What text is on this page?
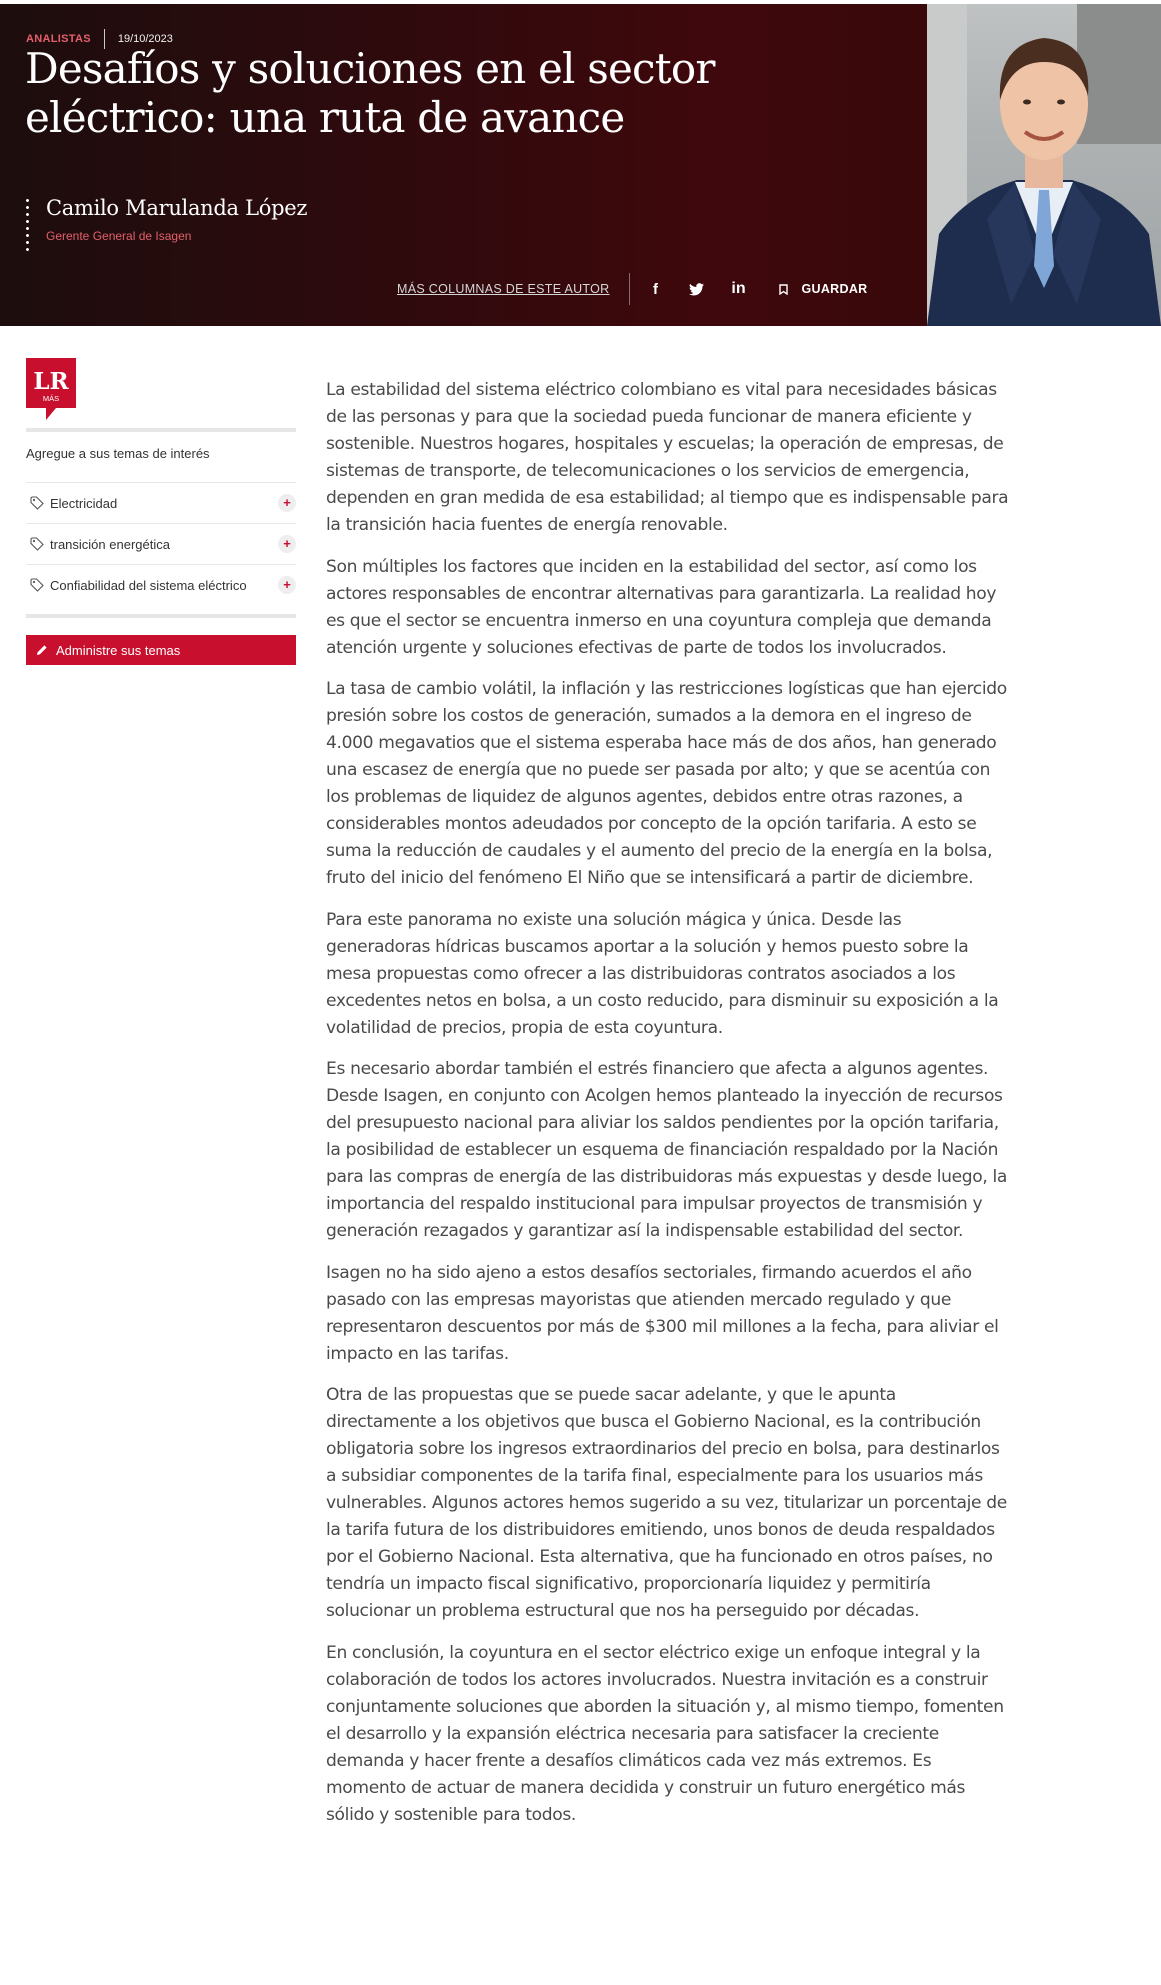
ANALISTAS 19/10/2023
Desafíos y soluciones en el sector eléctrico: una ruta de avance
Camilo Marulanda López
Gerente General de Isagen
MÁS COLUMNAS DE ESTE AUTOR	f	in	GUARDAR
LR
MÁS
Agregue a sus temas de interés
Electricidad	+
transición energética	+
Confiabilidad del sistema eléctrico	+
Administre sus temas

La estabilidad del sistema eléctrico colombiano es vital para necesidades básicas de las personas y para que la sociedad pueda funcionar de manera eficiente y sostenible. Nuestros hogares, hospitales y escuelas; la operación de empresas, de sistemas de transporte, de telecomunicaciones o los servicios de emergencia, dependen en gran medida de esa estabilidad; al tiempo que es indispensable para la transición hacia fuentes de energía renovable.

Son múltiples los factores que inciden en la estabilidad del sector, así como los actores responsables de encontrar alternativas para garantizarla. La realidad hoy es que el sector se encuentra inmerso en una coyuntura compleja que demanda atención urgente y soluciones efectivas de parte de todos los involucrados.

La tasa de cambio volátil, la inflación y las restricciones logísticas que han ejercido presión sobre los costos de generación, sumados a la demora en el ingreso de 4.000 megavatios que el sistema esperaba hace más de dos años, han generado una escasez de energía que no puede ser pasada por alto; y que se acentúa con los problemas de liquidez de algunos agentes, debidos entre otras razones, a considerables montos adeudados por concepto de la opción tarifaria. A esto se suma la reducción de caudales y el aumento del precio de la energía en la bolsa, fruto del inicio del fenómeno El Niño que se intensificará a partir de diciembre.

Para este panorama no existe una solución mágica y única. Desde las generadoras hídricas buscamos aportar a la solución y hemos puesto sobre la mesa propuestas como ofrecer a las distribuidoras contratos asociados a los excedentes netos en bolsa, a un costo reducido, para disminuir su exposición a la volatilidad de precios, propia de esta coyuntura.

Es necesario abordar también el estrés financiero que afecta a algunos agentes. Desde Isagen, en conjunto con Acolgen hemos planteado la inyección de recursos del presupuesto nacional para aliviar los saldos pendientes por la opción tarifaria, la posibilidad de establecer un esquema de financiación respaldado por la Nación para las compras de energía de las distribuidoras más expuestas y desde luego, la importancia del respaldo institucional para impulsar proyectos de transmisión y generación rezagados y garantizar así la indispensable estabilidad del sector.

Isagen no ha sido ajeno a estos desafíos sectoriales, firmando acuerdos el año pasado con las empresas mayoristas que atienden mercado regulado y que representaron descuentos por más de $300 mil millones a la fecha, para aliviar el impacto en las tarifas.

Otra de las propuestas que se puede sacar adelante, y que le apunta directamente a los objetivos que busca el Gobierno Nacional, es la contribución obligatoria sobre los ingresos extraordinarios del precio en bolsa, para destinarlos a subsidiar componentes de la tarifa final, especialmente para los usuarios más vulnerables. Algunos actores hemos sugerido a su vez, titularizar un porcentaje de la tarifa futura de los distribuidores emitiendo, unos bonos de deuda respaldados por el Gobierno Nacional. Esta alternativa, que ha funcionado en otros países, no tendría un impacto fiscal significativo, proporcionaría liquidez y permitiría solucionar un problema estructural que nos ha perseguido por décadas.

En conclusión, la coyuntura en el sector eléctrico exige un enfoque integral y la colaboración de todos los actores involucrados. Nuestra invitación es a construir conjuntamente soluciones que aborden la situación y, al mismo tiempo, fomenten el desarrollo y la expansión eléctrica necesaria para satisfacer la creciente demanda y hacer frente a desafíos climáticos cada vez más extremos. Es momento de actuar de manera decidida y construir un futuro energético más sólido y sostenible para todos.
